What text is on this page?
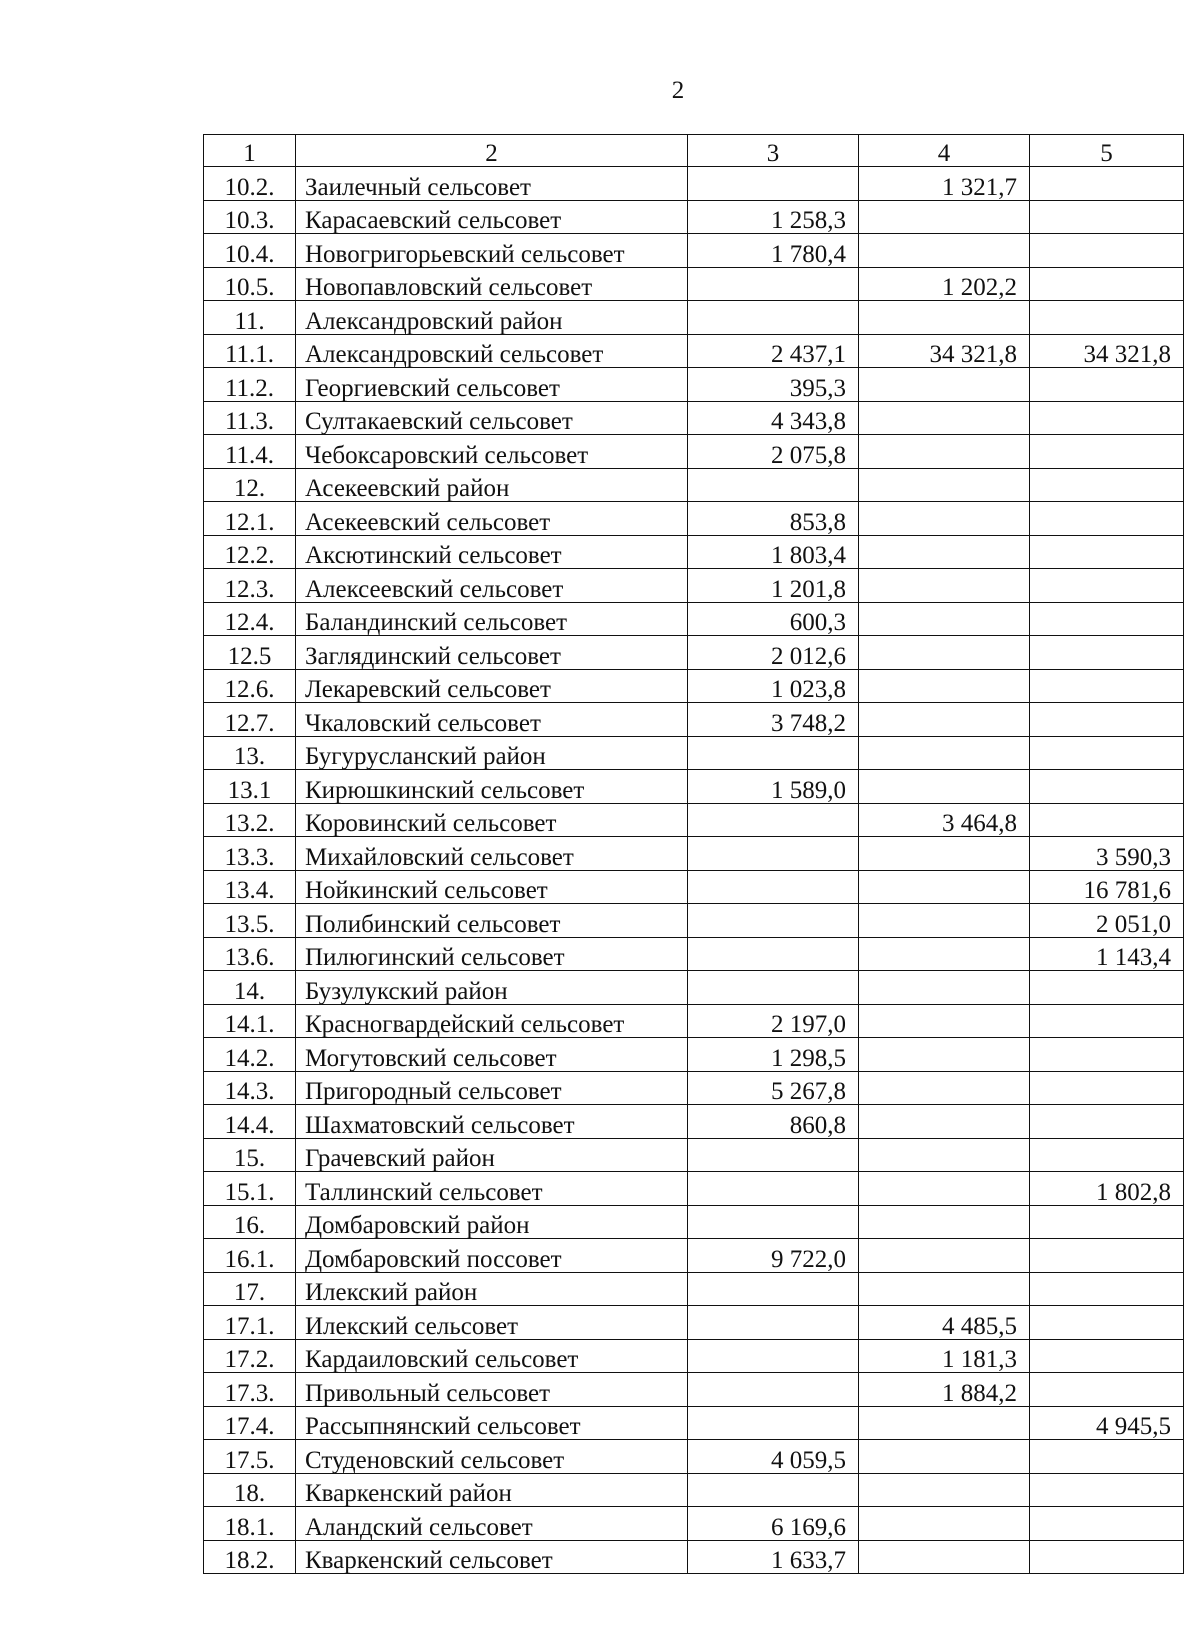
2
1	2	3	4	5
10.2.	Заилечный сельсовет		1 321,7	
10.3.	Карасаевский сельсовет	1 258,3		
10.4.	Новогригорьевский сельсовет	1 780,4		
10.5.	Новопавловский сельсовет		1 202,2	
11.	Александровский район			
11.1.	Александровский сельсовет	2 437,1	34 321,8	34 321,8
11.2.	Георгиевский сельсовет	395,3		
11.3.	Султакаевский сельсовет	4 343,8		
11.4.	Чебоксаровский сельсовет	2 075,8		
12.	Асекеевский район			
12.1.	Асекеевский сельсовет	853,8		
12.2.	Аксютинский сельсовет	1 803,4		
12.3.	Алексеевский сельсовет	1 201,8		
12.4.	Баландинский сельсовет	600,3		
12.5	Заглядинский сельсовет	2 012,6		
12.6.	Лекаревский сельсовет	1 023,8		
12.7.	Чкаловский сельсовет	3 748,2		
13.	Бугурусланский район			
13.1	Кирюшкинский сельсовет	1 589,0		
13.2.	Коровинский сельсовет		3 464,8	
13.3.	Михайловский сельсовет			3 590,3
13.4.	Нойкинский сельсовет			16 781,6
13.5.	Полибинский сельсовет			2 051,0
13.6.	Пилюгинский сельсовет			1 143,4
14.	Бузулукский район			
14.1.	Красногвардейский сельсовет	2 197,0		
14.2.	Могутовский сельсовет	1 298,5		
14.3.	Пригородный сельсовет	5 267,8		
14.4.	Шахматовский сельсовет	860,8		
15.	Грачевский район			
15.1.	Таллинский сельсовет			1 802,8
16.	Домбаровский район			
16.1.	Домбаровский поссовет	9 722,0		
17.	Илекский район			
17.1.	Илекский сельсовет		4 485,5	
17.2.	Кардаиловский сельсовет		1 181,3	
17.3.	Привольный сельсовет		1 884,2	
17.4.	Рассыпнянский сельсовет			4 945,5
17.5.	Студеновский сельсовет	4 059,5		
18.	Кваркенский район			
18.1.	Аландский сельсовет	6 169,6		
18.2.	Кваркенский сельсовет	1 633,7		
